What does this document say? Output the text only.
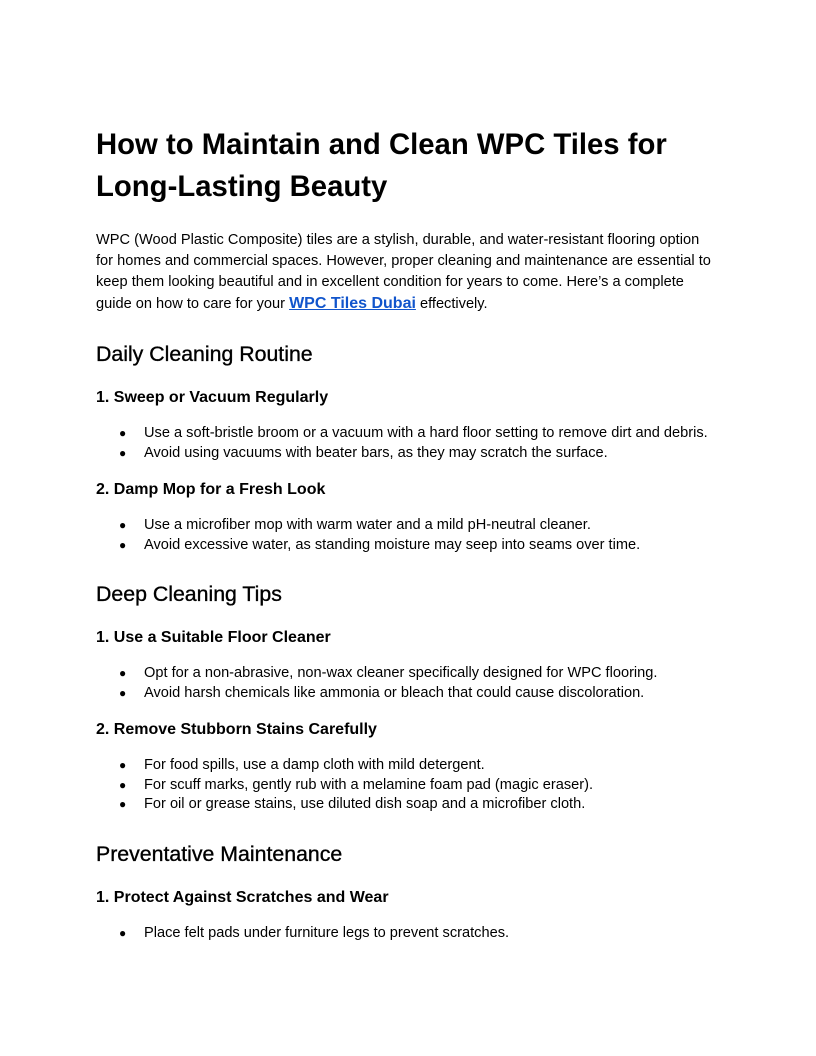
How to Maintain and Clean WPC Tiles for Long-Lasting Beauty

WPC (Wood Plastic Composite) tiles are a stylish, durable, and water-resistant flooring option for homes and commercial spaces. However, proper cleaning and maintenance are essential to keep them looking beautiful and in excellent condition for years to come. Here’s a complete guide on how to care for your WPC Tiles Dubai effectively.

Daily Cleaning Routine
1. Sweep or Vacuum Regularly
● Use a soft-bristle broom or a vacuum with a hard floor setting to remove dirt and debris.
● Avoid using vacuums with beater bars, as they may scratch the surface.
2. Damp Mop for a Fresh Look
● Use a microfiber mop with warm water and a mild pH-neutral cleaner.
● Avoid excessive water, as standing moisture may seep into seams over time.
Deep Cleaning Tips
1. Use a Suitable Floor Cleaner
● Opt for a non-abrasive, non-wax cleaner specifically designed for WPC flooring.
● Avoid harsh chemicals like ammonia or bleach that could cause discoloration.
2. Remove Stubborn Stains Carefully
● For food spills, use a damp cloth with mild detergent.
● For scuff marks, gently rub with a melamine foam pad (magic eraser).
● For oil or grease stains, use diluted dish soap and a microfiber cloth.
Preventative Maintenance
1. Protect Against Scratches and Wear
● Place felt pads under furniture legs to prevent scratches.
